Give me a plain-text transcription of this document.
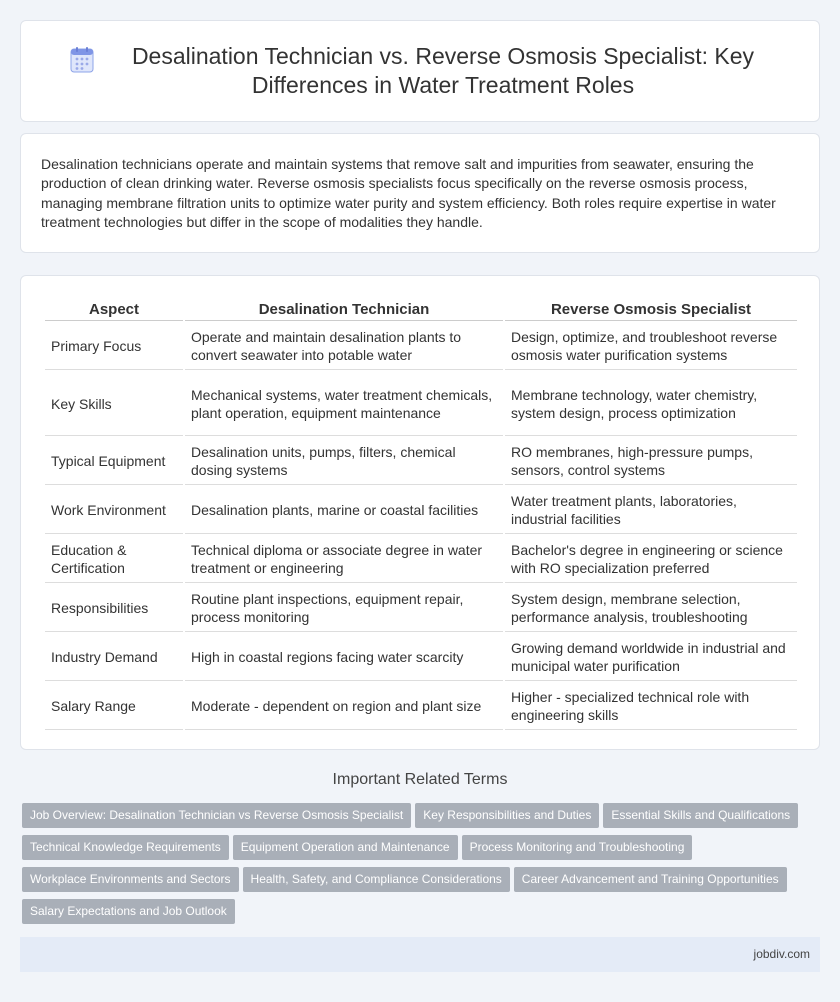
Desalination Technician vs. Reverse Osmosis Specialist: Key Differences in Water Treatment Roles

Desalination technicians operate and maintain systems that remove salt and impurities from seawater, ensuring the production of clean drinking water. Reverse osmosis specialists focus specifically on the reverse osmosis process, managing membrane filtration units to optimize water purity and system efficiency. Both roles require expertise in water treatment technologies but differ in the scope of modalities they handle.

Aspect	Desalination Technician	Reverse Osmosis Specialist
Primary Focus	Operate and maintain desalination plants to convert seawater into potable water	Design, optimize, and troubleshoot reverse osmosis water purification systems
Key Skills	Mechanical systems, water treatment chemicals, plant operation, equipment maintenance	Membrane technology, water chemistry, system design, process optimization
Typical Equipment	Desalination units, pumps, filters, chemical dosing systems	RO membranes, high-pressure pumps, sensors, control systems
Work Environment	Desalination plants, marine or coastal facilities	Water treatment plants, laboratories, industrial facilities
Education & Certification	Technical diploma or associate degree in water treatment or engineering	Bachelor's degree in engineering or science with RO specialization preferred
Responsibilities	Routine plant inspections, equipment repair, process monitoring	System design, membrane selection, performance analysis, troubleshooting
Industry Demand	High in coastal regions facing water scarcity	Growing demand worldwide in industrial and municipal water purification
Salary Range	Moderate - dependent on region and plant size	Higher - specialized technical role with engineering skills
Important Related Terms
Job Overview: Desalination Technician vs Reverse Osmosis Specialist Key Responsibilities and Duties Essential Skills and QualificationsTechnical Knowledge Requirements Equipment Operation and Maintenance Process Monitoring and TroubleshootingWorkplace Environments and Sectors Health, Safety, and Compliance Considerations Career Advancement and Training OpportunitiesSalary Expectations and Job Outlook
jobdiv.com
